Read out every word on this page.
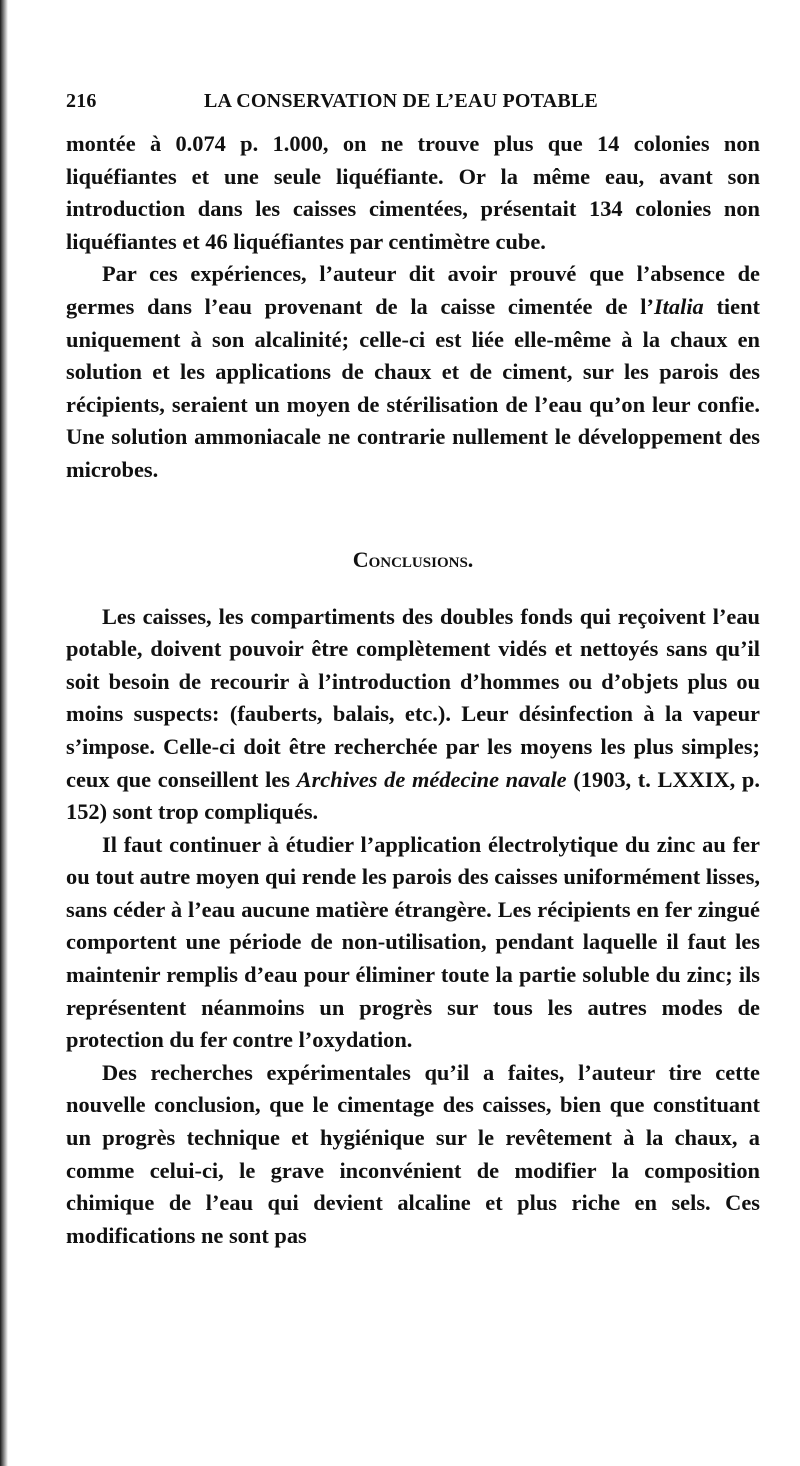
216	LA CONSERVATION DE L’EAU POTABLE

montée à 0.074 p. 1.000, on ne trouve plus que 14 colonies non liquéfiantes et une seule liquéfiante. Or la même eau, avant son introduction dans les caisses cimentées, présentait 134 colonies non liquéfiantes et 46 liquéfiantes par centimètre cube.

Par ces expériences, l’auteur dit avoir prouvé que l’absence de germes dans l’eau provenant de la caisse cimentée de l’Italia tient uniquement à son alcalinité; celle-ci est liée elle-même à la chaux en solution et les applications de chaux et de ciment, sur les parois des récipients, seraient un moyen de stérilisation de l’eau qu’on leur confie. Une solution ammoniacale ne contrarie nullement le développement des microbes.

Conclusions.

Les caisses, les compartiments des doubles fonds qui reçoivent l’eau potable, doivent pouvoir être complètement vidés et nettoyés sans qu’il soit besoin de recourir à l’introduction d’hommes ou d’objets plus ou moins suspects: (fauberts, balais, etc.). Leur désinfection à la vapeur s’impose. Celle-ci doit être recherchée par les moyens les plus simples; ceux que conseillent les Archives de médecine navale (1903, t. LXXIX, p. 152) sont trop compliqués.

Il faut continuer à étudier l’application électrolytique du zinc au fer ou tout autre moyen qui rende les parois des caisses uniformément lisses, sans céder à l’eau aucune matière étrangère. Les récipients en fer zingué comportent une période de non-utilisation, pendant laquelle il faut les maintenir remplis d’eau pour éliminer toute la partie soluble du zinc; ils représentent néanmoins un progrès sur tous les autres modes de protection du fer contre l’oxydation.

Des recherches expérimentales qu’il a faites, l’auteur tire cette nouvelle conclusion, que le cimentage des caisses, bien que constituant un progrès technique et hygiénique sur le revêtement à la chaux, a comme celui-ci, le grave inconvénient de modifier la composition chimique de l’eau qui devient alcaline et plus riche en sels. Ces modifications ne sont pas
